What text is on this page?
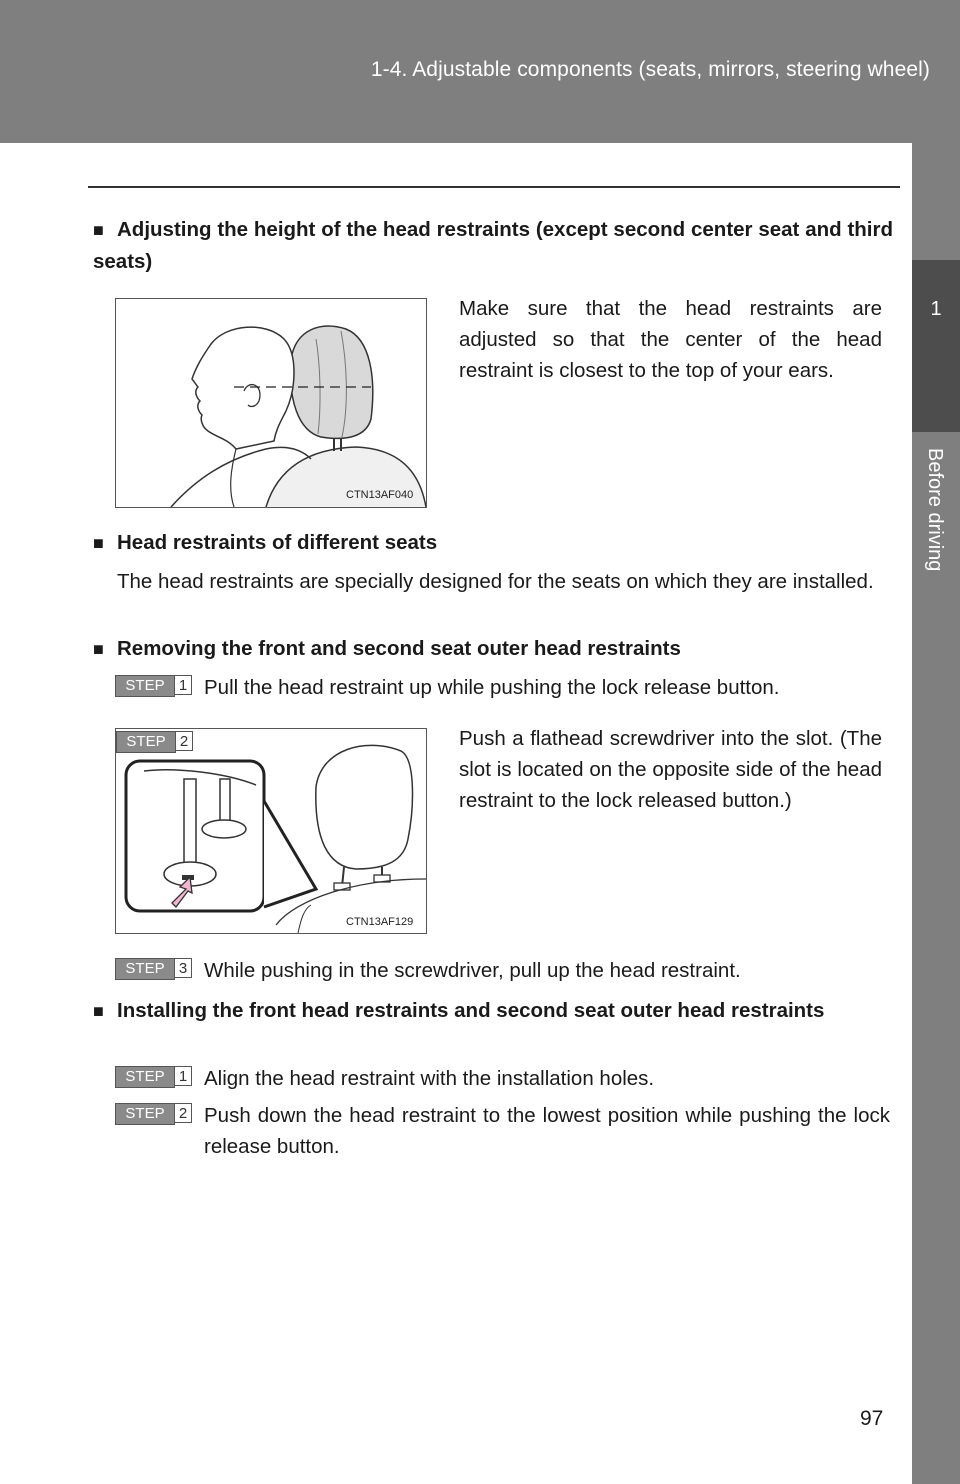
1-4. Adjustable components (seats, mirrors, steering wheel)
1
Before driving
■ Adjusting the height of the head restraints (except second center seat and third seats)
CTN13AF040
Make sure that the head restraints are adjusted so that the center of the head restraint is closest to the top of your ears.
■ Head restraints of different seats
The head restraints are specially designed for the seats on which they are installed.
■ Removing the front and second seat outer head restraints
STEP 1 Pull the head restraint up while pushing the lock release button.
STEP 2
CTN13AF129
Push a flathead screwdriver into the slot. (The slot is located on the opposite side of the head restraint to the lock released button.)
STEP 3 While pushing in the screwdriver, pull up the head restraint.
■ Installing the front head restraints and second seat outer head restraints
STEP 1 Align the head restraint with the installation holes.
STEP 2 Push down the head restraint to the lowest position while pushing the lock release button.
97
